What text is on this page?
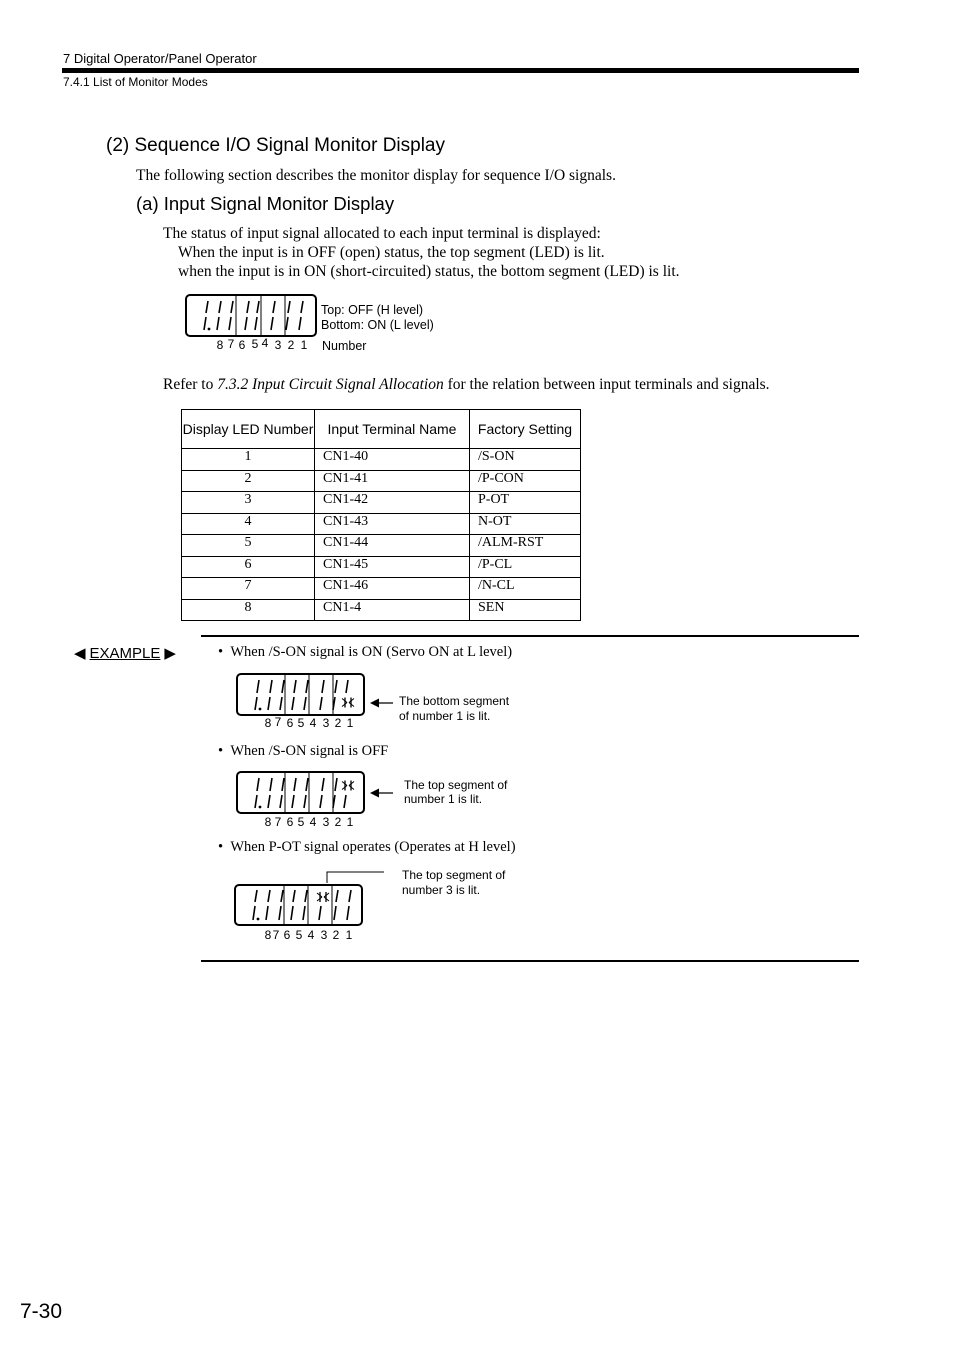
7 Digital Operator/Panel Operator
7.4.1 List of Monitor Modes
(2) Sequence I/O Signal Monitor Display
The following section describes the monitor display for sequence I/O signals.
(a) Input Signal Monitor Display
The status of input signal allocated to each input terminal is displayed:
When the input is in OFF (open) status, the top segment (LED) is lit.
when the input is in ON (short-circuited) status, the bottom segment (LED) is lit.
8 7 6 5 4 3 2 1
Top: OFF (H level)
Bottom: ON (L level)
Number
Refer to 7.3.2 Input Circuit Signal Allocation for the relation between input terminals and signals.
Display LED Number	Input Terminal Name	Factory Setting
1	CN1-40	/S-ON
2	CN1-41	/P-CON
3	CN1-42	P-OT
4	CN1-43	N-OT
5	CN1-44	/ALM-RST
6	CN1-45	/P-CL
7	CN1-46	/N-CL
8	CN1-4	SEN
◀ EXAMPLE ▶	•  When /S-ON signal is ON (Servo ON at L level)
•  When /S-ON signal is OFF
•  When P-OT signal operates (Operates at H level)
8 7 6 5 4 3 2 1
The bottom segment
of number 1 is lit.
8 7 6 5 4 3 2 1
The top segment of
number 1 is lit.
8 7 6 5 4 3 2 1
The top segment of
number 3 is lit.
7-30
